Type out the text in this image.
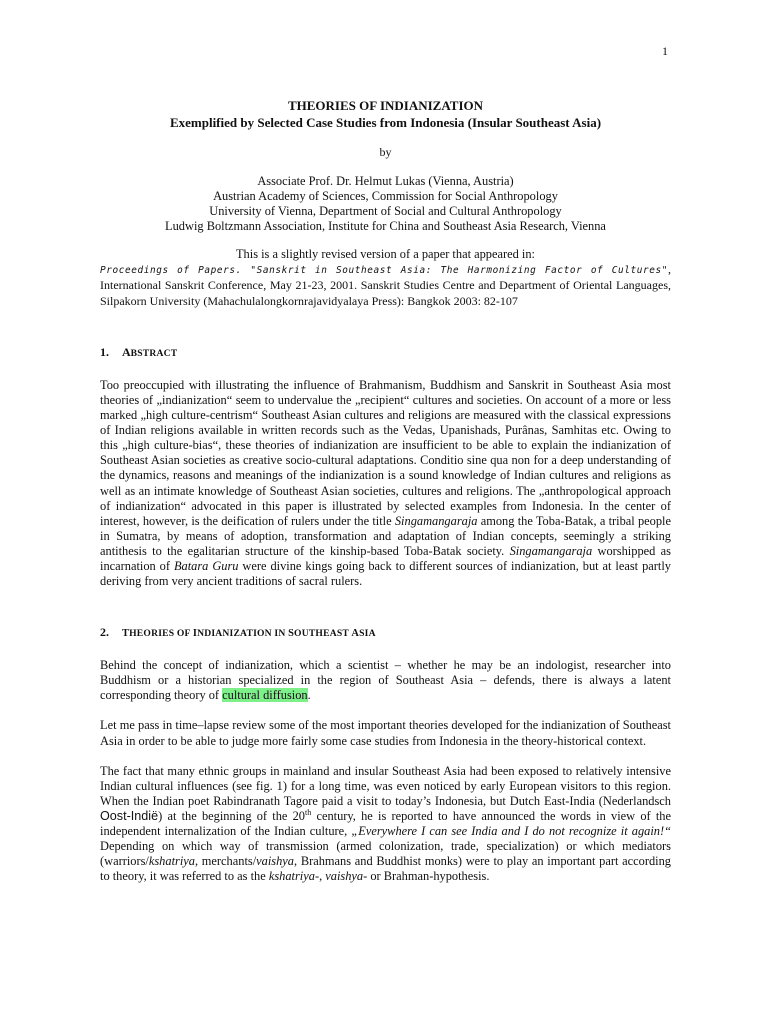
1
THEORIES OF INDIANIZATION
Exemplified by Selected Case Studies from Indonesia (Insular Southeast Asia)
by
Associate Prof. Dr. Helmut Lukas (Vienna, Austria)
Austrian Academy of Sciences, Commission for Social Anthropology
University of Vienna, Department of Social and Cultural Anthropology
Ludwig Boltzmann Association, Institute for China and Southeast Asia Research, Vienna
This is a slightly revised version of a paper that appeared in:
Proceedings of Papers. "Sanskrit in Southeast Asia: The Harmonizing Factor of Cultures", International Sanskrit Conference, May 21-23, 2001. Sanskrit Studies Centre and Department of Oriental Languages, Silpakorn University (Mahachulalongkornrajavidyalaya Press): Bangkok 2003: 82-107
1. ABSTRACT

Too preoccupied with illustrating the influence of Brahmanism, Buddhism and Sanskrit in Southeast Asia most theories of „indianization“ seem to undervalue the „recipient“ cultures and societies. On account of a more or less marked „high culture-centrism“ Southeast Asian cultures and religions are measured with the classical expressions of Indian religions available in written records such as the Vedas, Upanishads, Purânas, Samhitas etc. Owing to this „high culture-bias“, these theories of indianization are insufficient to be able to explain the indianization of Southeast Asian societies as creative socio-cultural adaptations. Conditio sine qua non for a deep understanding of the dynamics, reasons and meanings of the indianization is a sound knowledge of Indian cultures and religions as well as an intimate knowledge of Southeast Asian societies, cultures and religions. The „anthropological approach of indianization“ advocated in this paper is illustrated by selected examples from Indonesia. In the center of interest, however, is the deification of rulers under the title Singamangaraja among the Toba-Batak, a tribal people in Sumatra, by means of adoption, transformation and adaptation of Indian concepts, seemingly a striking antithesis to the egalitarian structure of the kinship-based Toba-Batak society. Singamangaraja worshipped as incarnation of Batara Guru were divine kings going back to different sources of indianization, but at least partly deriving from very ancient traditions of sacral rulers.

2. THEORIES OF INDIANIZATION IN SOUTHEAST ASIA

Behind the concept of indianization, which a scientist – whether he may be an indologist, researcher into Buddhism or a historian specialized in the region of Southeast Asia – defends, there is always a latent corresponding theory of cultural diffusion.

Let me pass in time–lapse review some of the most important theories developed for the indianization of Southeast Asia in order to be able to judge more fairly some case studies from Indonesia in the theory-historical context.

The fact that many ethnic groups in mainland and insular Southeast Asia had been exposed to relatively intensive Indian cultural influences (see fig. 1) for a long time, was even noticed by early European visitors to this region. When the Indian poet Rabindranath Tagore paid a visit to today’s Indonesia, but Dutch East-India (Nederlandsch Oost-Indië) at the beginning of the 20th century, he is reported to have announced the words in view of the independent internalization of the Indian culture, „Everywhere I can see India and I do not recognize it again!“ Depending on which way of transmission (armed colonization, trade, specialization) or which mediators (warriors/kshatriya, merchants/vaishya, Brahmans and Buddhist monks) were to play an important part according to theory, it was referred to as the kshatriya-, vaishya- or Brahman-hypothesis.
